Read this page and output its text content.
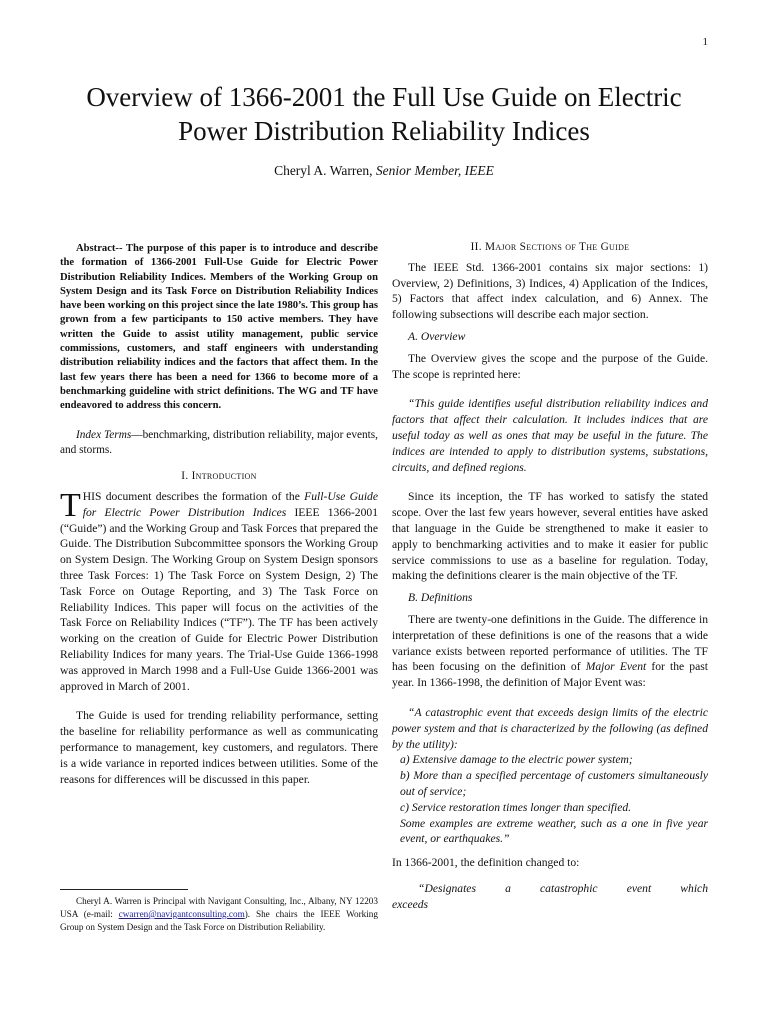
1
Overview of 1366-2001 the Full Use Guide on Electric Power Distribution Reliability Indices
Cheryl A. Warren, Senior Member, IEEE

Abstract-- The purpose of this paper is to introduce and describe the formation of 1366-2001 Full-Use Guide for Electric Power Distribution Reliability Indices. Members of the Working Group on System Design and its Task Force on Distribution Reliability Indices have been working on this project since the late 1980’s. This group has grown from a few participants to 150 active members. They have written the Guide to assist utility management, public service commissions, customers, and staff engineers with understanding distribution reliability indices and the factors that affect them. In the last few years there has been a need for 1366 to become more of a benchmarking guideline with strict definitions. The WG and TF have endeavored to address this concern.

Index Terms—benchmarking, distribution reliability, major events, and storms.

I. Introduction

THIS document describes the formation of the Full-Use Guide for Electric Power Distribution Indices IEEE 1366-2001 (“Guide”) and the Working Group and Task Forces that prepared the Guide. The Distribution Subcommittee sponsors the Working Group on System Design. The Working Group on System Design sponsors three Task Forces: 1) The Task Force on System Design, 2) The Task Force on Outage Reporting, and 3) The Task Force on Reliability Indices. This paper will focus on the activities of the Task Force on Reliability Indices (“TF”). The TF has been actively working on the creation of Guide for Electric Power Distribution Reliability Indices for many years. The Trial-Use Guide 1366-1998 was approved in March 1998 and a Full-Use Guide 1366-2001 was approved in March of 2001.

The Guide is used for trending reliability performance, setting the baseline for reliability performance as well as communicating performance to management, key customers, and regulators. There is a wide variance in reported indices between utilities. Some of the reasons for differences will be discussed in this paper.

Cheryl A. Warren is Principal with Navigant Consulting, Inc., Albany, NY 12203 USA (e-mail: cwarren@navigantconsulting.com). She chairs the IEEE Working Group on System Design and the Task Force on Distribution Reliability.
II. Major Sections of The Guide

The IEEE Std. 1366-2001 contains six major sections: 1) Overview, 2) Definitions, 3) Indices, 4) Application of the Indices, 5) Factors that affect index calculation, and 6) Annex. The following subsections will describe each major section.

A. Overview

The Overview gives the scope and the purpose of the Guide. The scope is reprinted here:

“This guide identifies useful distribution reliability indices and factors that affect their calculation. It includes indices that are useful today as well as ones that may be useful in the future. The indices are intended to apply to distribution systems, substations, circuits, and defined regions.

Since its inception, the TF has worked to satisfy the stated scope. Over the last few years however, several entities have asked that language in the Guide be strengthened to make it easier to apply to benchmarking activities and to make it easier for public service commissions to use as a baseline for regulation. Today, making the definitions clearer is the main objective of the TF.

B. Definitions

There are twenty-one definitions in the Guide. The difference in interpretation of these definitions is one of the reasons that a wide variance exists between reported performance of utilities. The TF has been focusing on the definition of Major Event for the past year. In 1366-1998, the definition of Major Event was:

“A catastrophic event that exceeds design limits of the electric power system and that is characterized by the following (as defined by the utility):

a) Extensive damage to the electric power system;

b) More than a specified percentage of customers simultaneously out of service;

c) Service restoration times longer than specified.

Some examples are extreme weather, such as a one in five year event, or earthquakes.”

In 1366-2001, the definition changed to:

“Designates a catastrophic event which exceeds
